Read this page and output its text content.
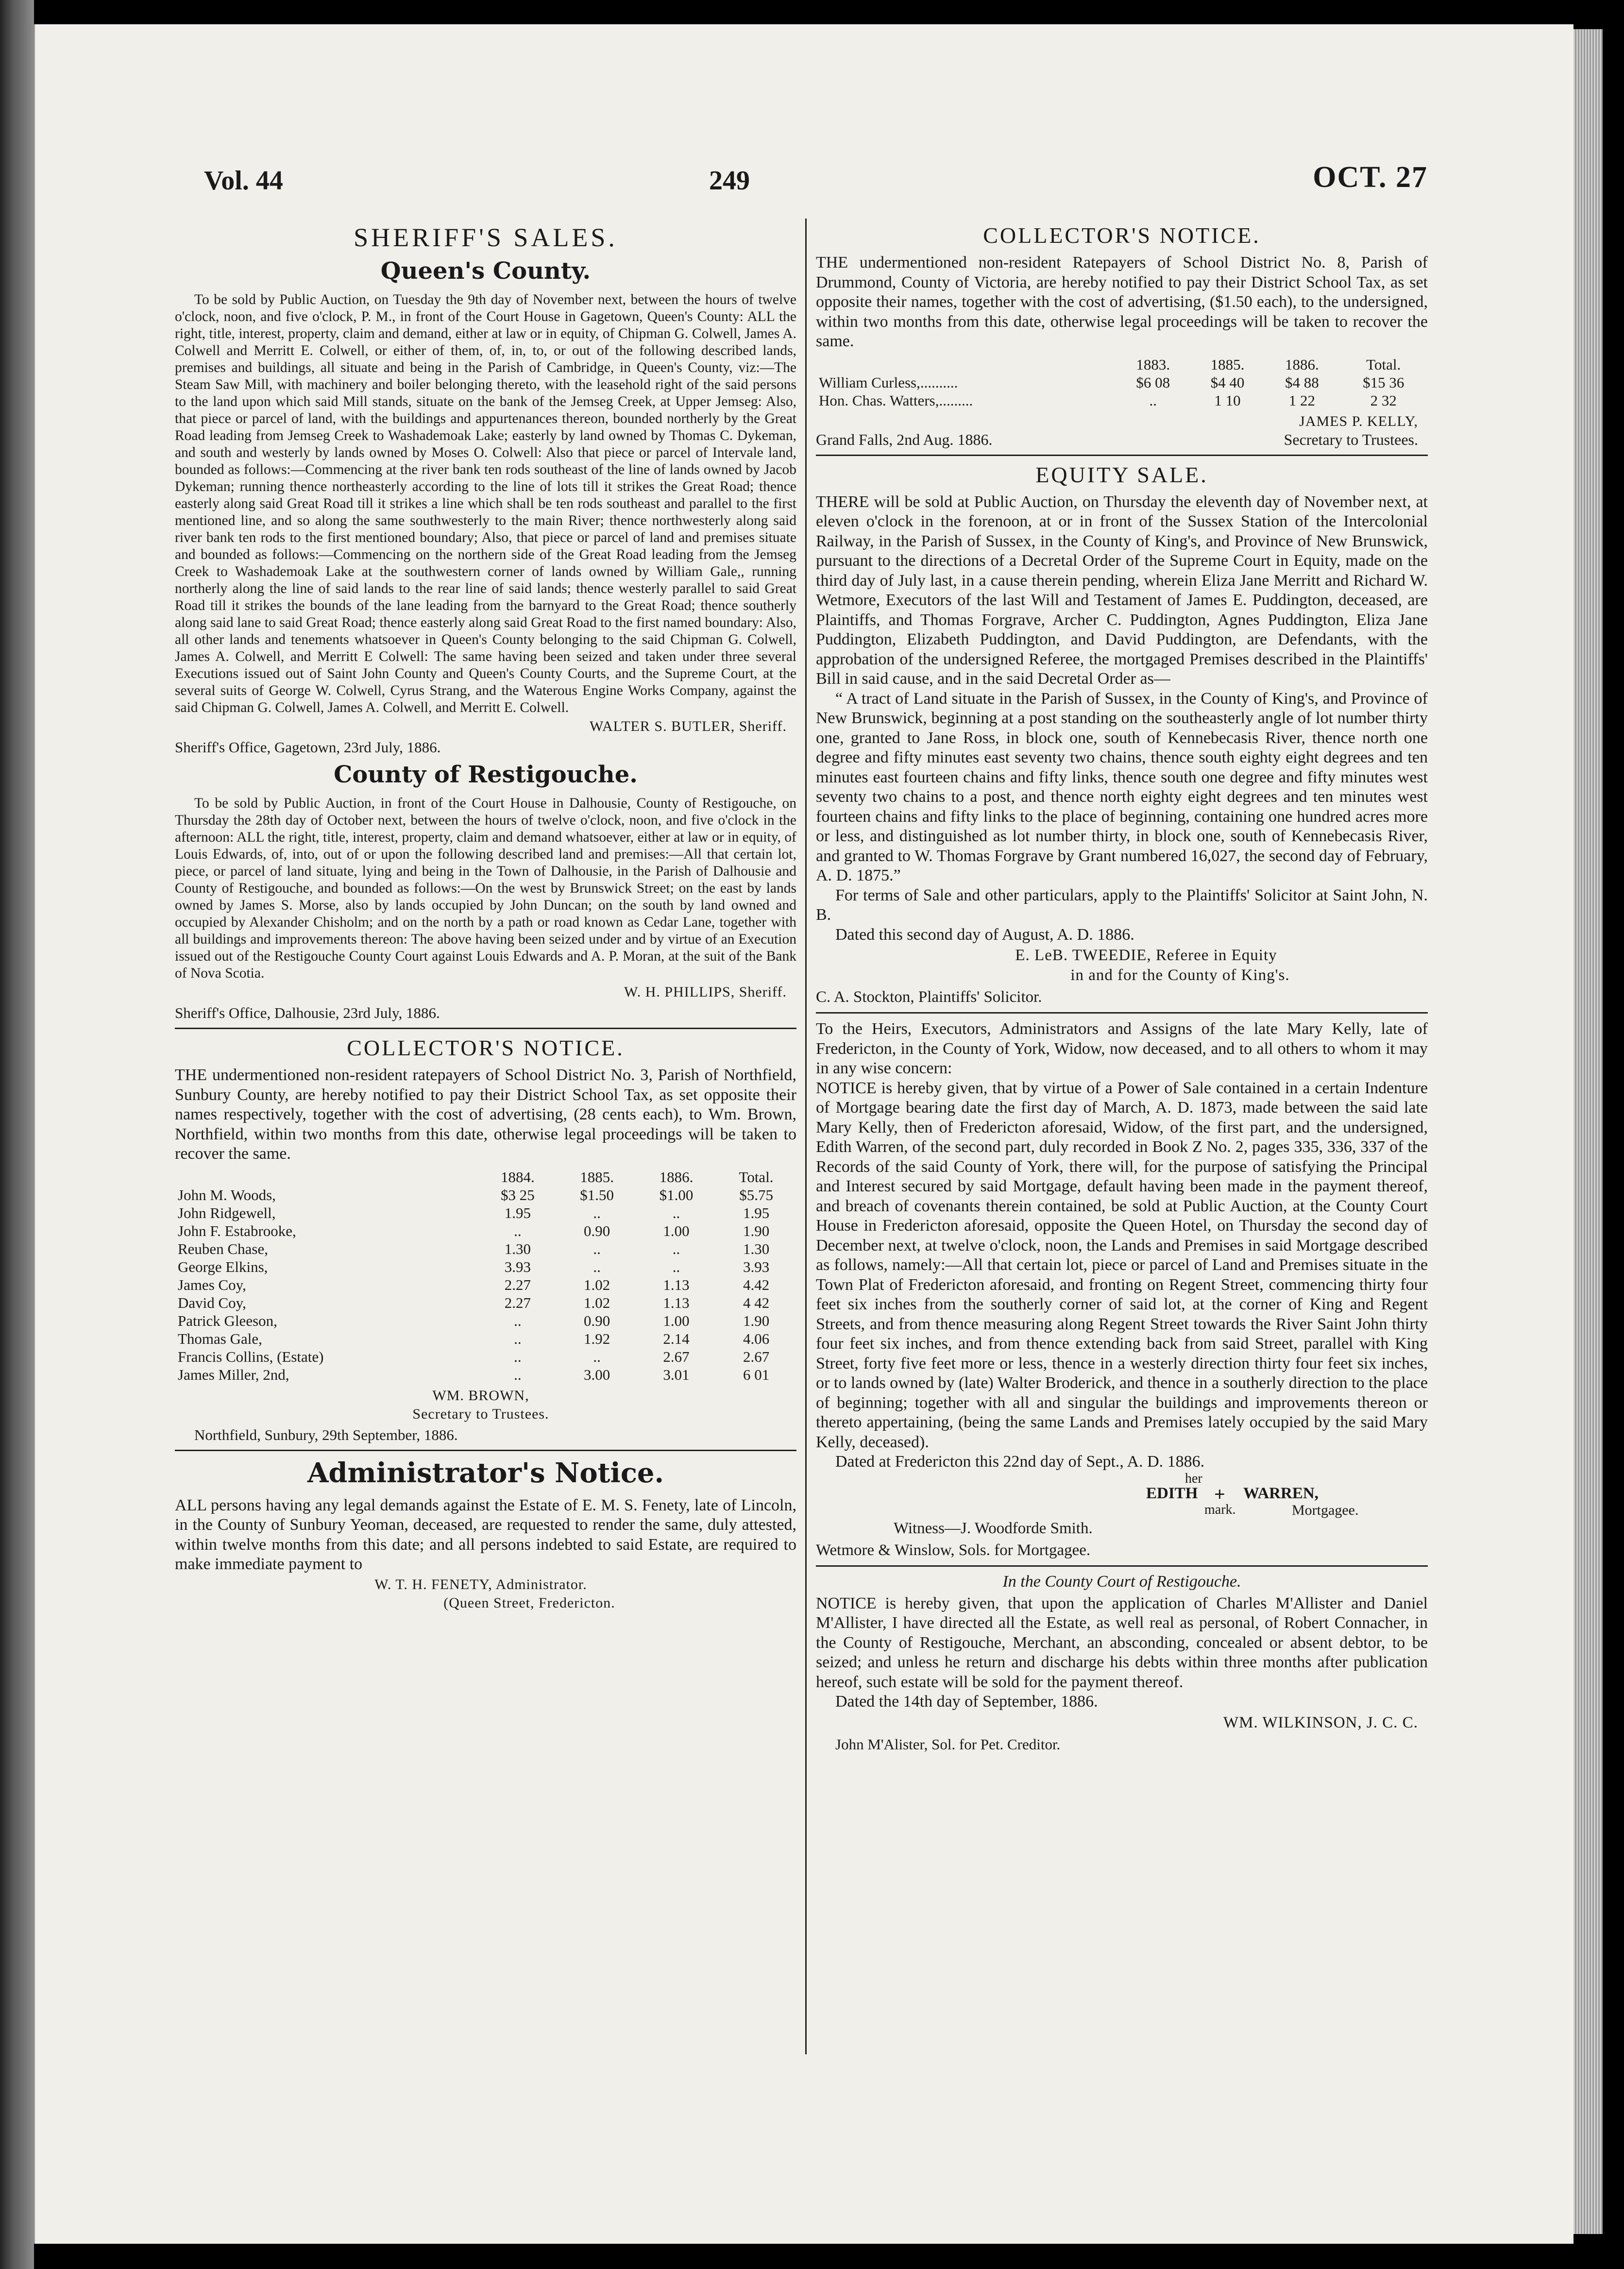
Vol. 44	249	OCT. 27
SHERIFF'S SALES.
Queen's County.

To be sold by Public Auction, on Tuesday the 9th day of November next, between the hours of twelve o'clock, noon, and five o'clock, P. M., in front of the Court House in Gagetown, Queen's County: ALL the right, title, interest, property, claim and demand, either at law or in equity, of Chipman G. Colwell, James A. Colwell and Merritt E. Colwell, or either of them, of, in, to, or out of the following described lands, premises and buildings, all situate and being in the Parish of Cambridge, in Queen's County, viz:—The Steam Saw Mill, with machinery and boiler belonging thereto, with the leasehold right of the said persons to the land upon which said Mill stands, situate on the bank of the Jemseg Creek, at Upper Jemseg: Also, that piece or parcel of land, with the buildings and appurtenances thereon, bounded northerly by the Great Road leading from Jemseg Creek to Washademoak Lake; easterly by land owned by Thomas C. Dykeman, and south and westerly by lands owned by Moses O. Colwell: Also that piece or parcel of Intervale land, bounded as follows:—Commencing at the river bank ten rods southeast of the line of lands owned by Jacob Dykeman; running thence northeasterly according to the line of lots till it strikes the Great Road; thence easterly along said Great Road till it strikes a line which shall be ten rods southeast and parallel to the first mentioned line, and so along the same southwesterly to the main River; thence northwesterly along said river bank ten rods to the first mentioned boundary; Also, that piece or parcel of land and premises situate and bounded as follows:—Commencing on the northern side of the Great Road leading from the Jemseg Creek to Washademoak Lake at the southwestern corner of lands owned by William Gale,, running northerly along the line of said lands to the rear line of said lands; thence westerly parallel to said Great Road till it strikes the bounds of the lane leading from the barnyard to the Great Road; thence southerly along said lane to said Great Road; thence easterly along said Great Road to the first named boundary: Also, all other lands and tenements whatsoever in Queen's County belonging to the said Chipman G. Colwell, James A. Colwell, and Merritt E Colwell: The same having been seized and taken under three several Executions issued out of Saint John County and Queen's County Courts, and the Supreme Court, at the several suits of George W. Colwell, Cyrus Strang, and the Waterous Engine Works Company, against the said Chipman G. Colwell, James A. Colwell, and Merritt E. Colwell.

WALTER S. BUTLER, Sheriff.
Sheriff's Office, Gagetown, 23rd July, 1886.
County of Restigouche.

To be sold by Public Auction, in front of the Court House in Dalhousie, County of Restigouche, on Thursday the 28th day of October next, between the hours of twelve o'clock, noon, and five o'clock in the afternoon: ALL the right, title, interest, property, claim and demand whatsoever, either at law or in equity, of Louis Edwards, of, into, out of or upon the following described land and premises:—All that certain lot, piece, or parcel of land situate, lying and being in the Town of Dalhousie, in the Parish of Dalhousie and County of Restigouche, and bounded as follows:—On the west by Brunswick Street; on the east by lands owned by James S. Morse, also by lands occupied by John Duncan; on the south by land owned and occupied by Alexander Chisholm; and on the north by a path or road known as Cedar Lane, together with all buildings and improvements thereon: The above having been seized under and by virtue of an Execution issued out of the Restigouche County Court against Louis Edwards and A. P. Moran, at the suit of the Bank of Nova Scotia.

W. H. PHILLIPS, Sheriff.
Sheriff's Office, Dalhousie, 23rd July, 1886.
COLLECTOR'S NOTICE.

THE undermentioned non-resident ratepayers of School District No. 3, Parish of Northfield, Sunbury County, are hereby notified to pay their District School Tax, as set opposite their names respectively, together with the cost of advertising, (28 cents each), to Wm. Brown, Northfield, within two months from this date, otherwise legal proceedings will be taken to recover the same.

	1884.	1885.	1886.	Total.
John M. Woods,	$3 25	$1.50	$1.00	$5.75
John Ridgewell,	1.95	..	..	1.95
John F. Estabrooke,	..	0.90	1.00	1.90
Reuben Chase,	1.30	..	..	1.30
George Elkins,	3.93	..	..	3.93
James Coy,	2.27	1.02	1.13	4.42
David Coy,	2.27	1.02	1.13	4 42
Patrick Gleeson,	..	0.90	1.00	1.90
Thomas Gale,	..	1.92	2.14	4.06
Francis Collins, (Estate)	..	..	2.67	2.67
James Miller, 2nd,	..	3.00	3.01	6 01
WM. BROWN,
Secretary to Trustees.
Northfield, Sunbury, 29th September, 1886.
Administrator's Notice.

ALL persons having any legal demands against the Estate of E. M. S. Fenety, late of Lincoln, in the County of Sunbury Yeoman, deceased, are requested to render the same, duly attested, within twelve months from this date; and all persons indebted to said Estate, are required to make immediate payment to

W. T. H. FENETY, Administrator.
(Queen Street, Fredericton.
COLLECTOR'S NOTICE.

THE undermentioned non-resident Ratepayers of School District No. 8, Parish of Drummond, County of Victoria, are hereby notified to pay their District School Tax, as set opposite their names, together with the cost of advertising, ($1.50 each), to the undersigned, within two months from this date, otherwise legal proceedings will be taken to recover the same.

	1883.	1885.	1886.	Total.
William Curless,..........	$6 08	$4 40	$4 88	$15 36
Hon. Chas. Watters,.........	..	1 10	1 22	2 32
JAMES P. KELLY,
Grand Falls, 2nd Aug. 1886.	Secretary to Trustees.
EQUITY SALE.

THERE will be sold at Public Auction, on Thursday the eleventh day of November next, at eleven o'clock in the forenoon, at or in front of the Sussex Station of the Intercolonial Railway, in the Parish of Sussex, in the County of King's, and Province of New Brunswick, pursuant to the directions of a Decretal Order of the Supreme Court in Equity, made on the third day of July last, in a cause therein pending, wherein Eliza Jane Merritt and Richard W. Wetmore, Executors of the last Will and Testament of James E. Puddington, deceased, are Plaintiffs, and Thomas Forgrave, Archer C. Puddington, Agnes Puddington, Eliza Jane Puddington, Elizabeth Puddington, and David Puddington, are Defendants, with the approbation of the undersigned Referee, the mortgaged Premises described in the Plaintiffs' Bill in said cause, and in the said Decretal Order as—

“ A tract of Land situate in the Parish of Sussex, in the County of King's, and Province of New Brunswick, beginning at a post standing on the southeasterly angle of lot number thirty one, granted to Jane Ross, in block one, south of Kennebecasis River, thence north one degree and fifty minutes east seventy two chains, thence south eighty eight degrees and ten minutes east fourteen chains and fifty links, thence south one degree and fifty minutes west seventy two chains to a post, and thence north eighty eight degrees and ten minutes west fourteen chains and fifty links to the place of beginning, containing one hundred acres more or less, and distinguished as lot number thirty, in block one, south of Kennebecasis River, and granted to W. Thomas Forgrave by Grant numbered 16,027, the second day of February, A. D. 1875.”

For terms of Sale and other particulars, apply to the Plaintiffs' Solicitor at Saint John, N. B.

Dated this second day of August, A. D. 1886.

E. LeB. TWEEDIE, Referee in Equity
in and for the County of King's.
C. A. Stockton, Plaintiffs' Solicitor.

To the Heirs, Executors, Administrators and Assigns of the late Mary Kelly, late of Fredericton, in the County of York, Widow, now deceased, and to all others to whom it may in any wise concern:

NOTICE is hereby given, that by virtue of a Power of Sale contained in a certain Indenture of Mortgage bearing date the first day of March, A. D. 1873, made between the said late Mary Kelly, then of Fredericton aforesaid, Widow, of the first part, and the undersigned, Edith Warren, of the second part, duly recorded in Book Z No. 2, pages 335, 336, 337 of the Records of the said County of York, there will, for the purpose of satisfying the Principal and Interest secured by said Mortgage, default having been made in the payment thereof, and breach of covenants therein contained, be sold at Public Auction, at the County Court House in Fredericton aforesaid, opposite the Queen Hotel, on Thursday the second day of December next, at twelve o'clock, noon, the Lands and Premises in said Mortgage described as follows, namely:—All that certain lot, piece or parcel of Land and Premises situate in the Town Plat of Fredericton aforesaid, and fronting on Regent Street, commencing thirty four feet six inches from the southerly corner of said lot, at the corner of King and Regent Streets, and from thence measuring along Regent Street towards the River Saint John thirty four feet six inches, and from thence extending back from said Street, parallel with King Street, forty five feet more or less, thence in a westerly direction thirty four feet six inches, or to lands owned by (late) Walter Broderick, and thence in a southerly direction to the place of beginning; together with all and singular the buildings and improvements thereon or thereto appertaining, (being the same Lands and Premises lately occupied by the said Mary Kelly, deceased).

Dated at Fredericton this 22nd day of Sept., A. D. 1886.

her
EDITH + WARREN,
mark.	Mortgagee.
Witness—J. Woodforde Smith.
Wetmore & Winslow, Sols. for Mortgagee.
In the County Court of Restigouche.

NOTICE is hereby given, that upon the application of Charles M'Allister and Daniel M'Allister, I have directed all the Estate, as well real as personal, of Robert Connacher, in the County of Restigouche, Merchant, an absconding, concealed or absent debtor, to be seized; and unless he return and discharge his debts within three months after publication hereof, such estate will be sold for the payment thereof.

Dated the 14th day of September, 1886.

WM. WILKINSON, J. C. C.
John M'Alister, Sol. for Pet. Creditor.
